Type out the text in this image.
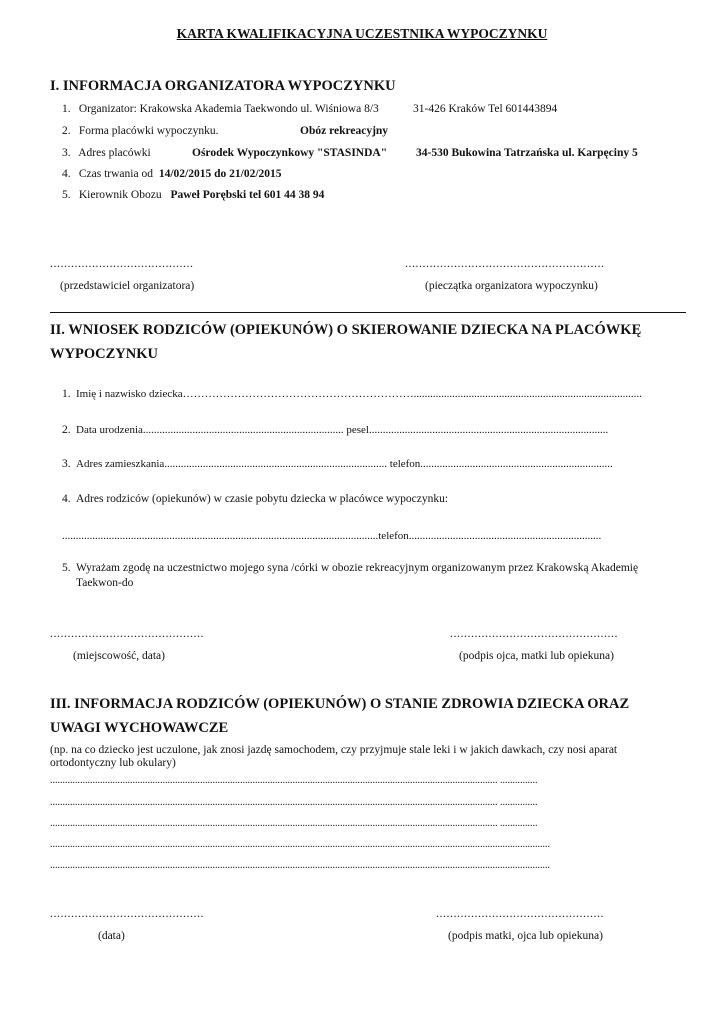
KARTA KWALIFIKACYJNA UCZESTNIKA WYPOCZYNKU
I. INFORMACJA ORGANIZATORA WYPOCZYNKU
1. Organizator: Krakowska Akademia Taekwondo ul. Wiśniowa 8/3	31-426 Kraków Tel 601443894
2. Forma placówki wypoczynku.	Obóz rekreacyjny
3. Adres placówki	Ośrodek Wypoczynkowy "STASINDA"	34-530 Bukowina Tatrzańska ul. Karpęciny 5
4. Czas trwania od 14/02/2015 do 21/02/2015
5. Kierownik Obozu Paweł Porębski tel 601 44 38 94
.........................................	.........................................................
(przedstawiciel organizatora)	(pieczątka organizatora wypoczynku)
II. WNIOSEK RODZICÓW (OPIEKUNÓW) O SKIEROWANIE DZIECKA NA PLACÓWKĘ
WYPOCZYNKU
1. Imię i nazwisko dziecka………………………………………………………...................................................................................
2. Data urodzenia......................................................................... pesel.......................................................................................
3. Adres zamieszkania................................................................................. telefon......................................................................
4. Adres rodziców (opiekunów) w czasie pobytu dziecka w placówce wypoczynku:
...................................................................................................................telefon......................................................................
5. Wyrażam zgodę na uczestnictwo mojego syna /córki w obozie rekreacyjnym organizowanym przez Krakowską Akademię
Taekwon-do
............................................	................................................
(miejscowość, data)	(podpis ojca, matki lub opiekuna)
III. INFORMACJA RODZICÓW (OPIEKUNÓW) O STANIE ZDROWIA DZIECKA ORAZ
UWAGI WYCHOWAWCZE
(np. na co dziecko jest uczulone, jak znosi jazdę samochodem, czy przyjmuje stale leki i w jakich dawkach, czy nosi aparat ortodontyczny lub okulary)
................................................................................................................................................................................... ...............
................................................................................................................................................................................... ...............
................................................................................................................................................................................... ...............
........................................................................................................................................................................................................
........................................................................................................................................................................................................
............................................	................................................
(data)	(podpis matki, ojca lub opiekuna)
